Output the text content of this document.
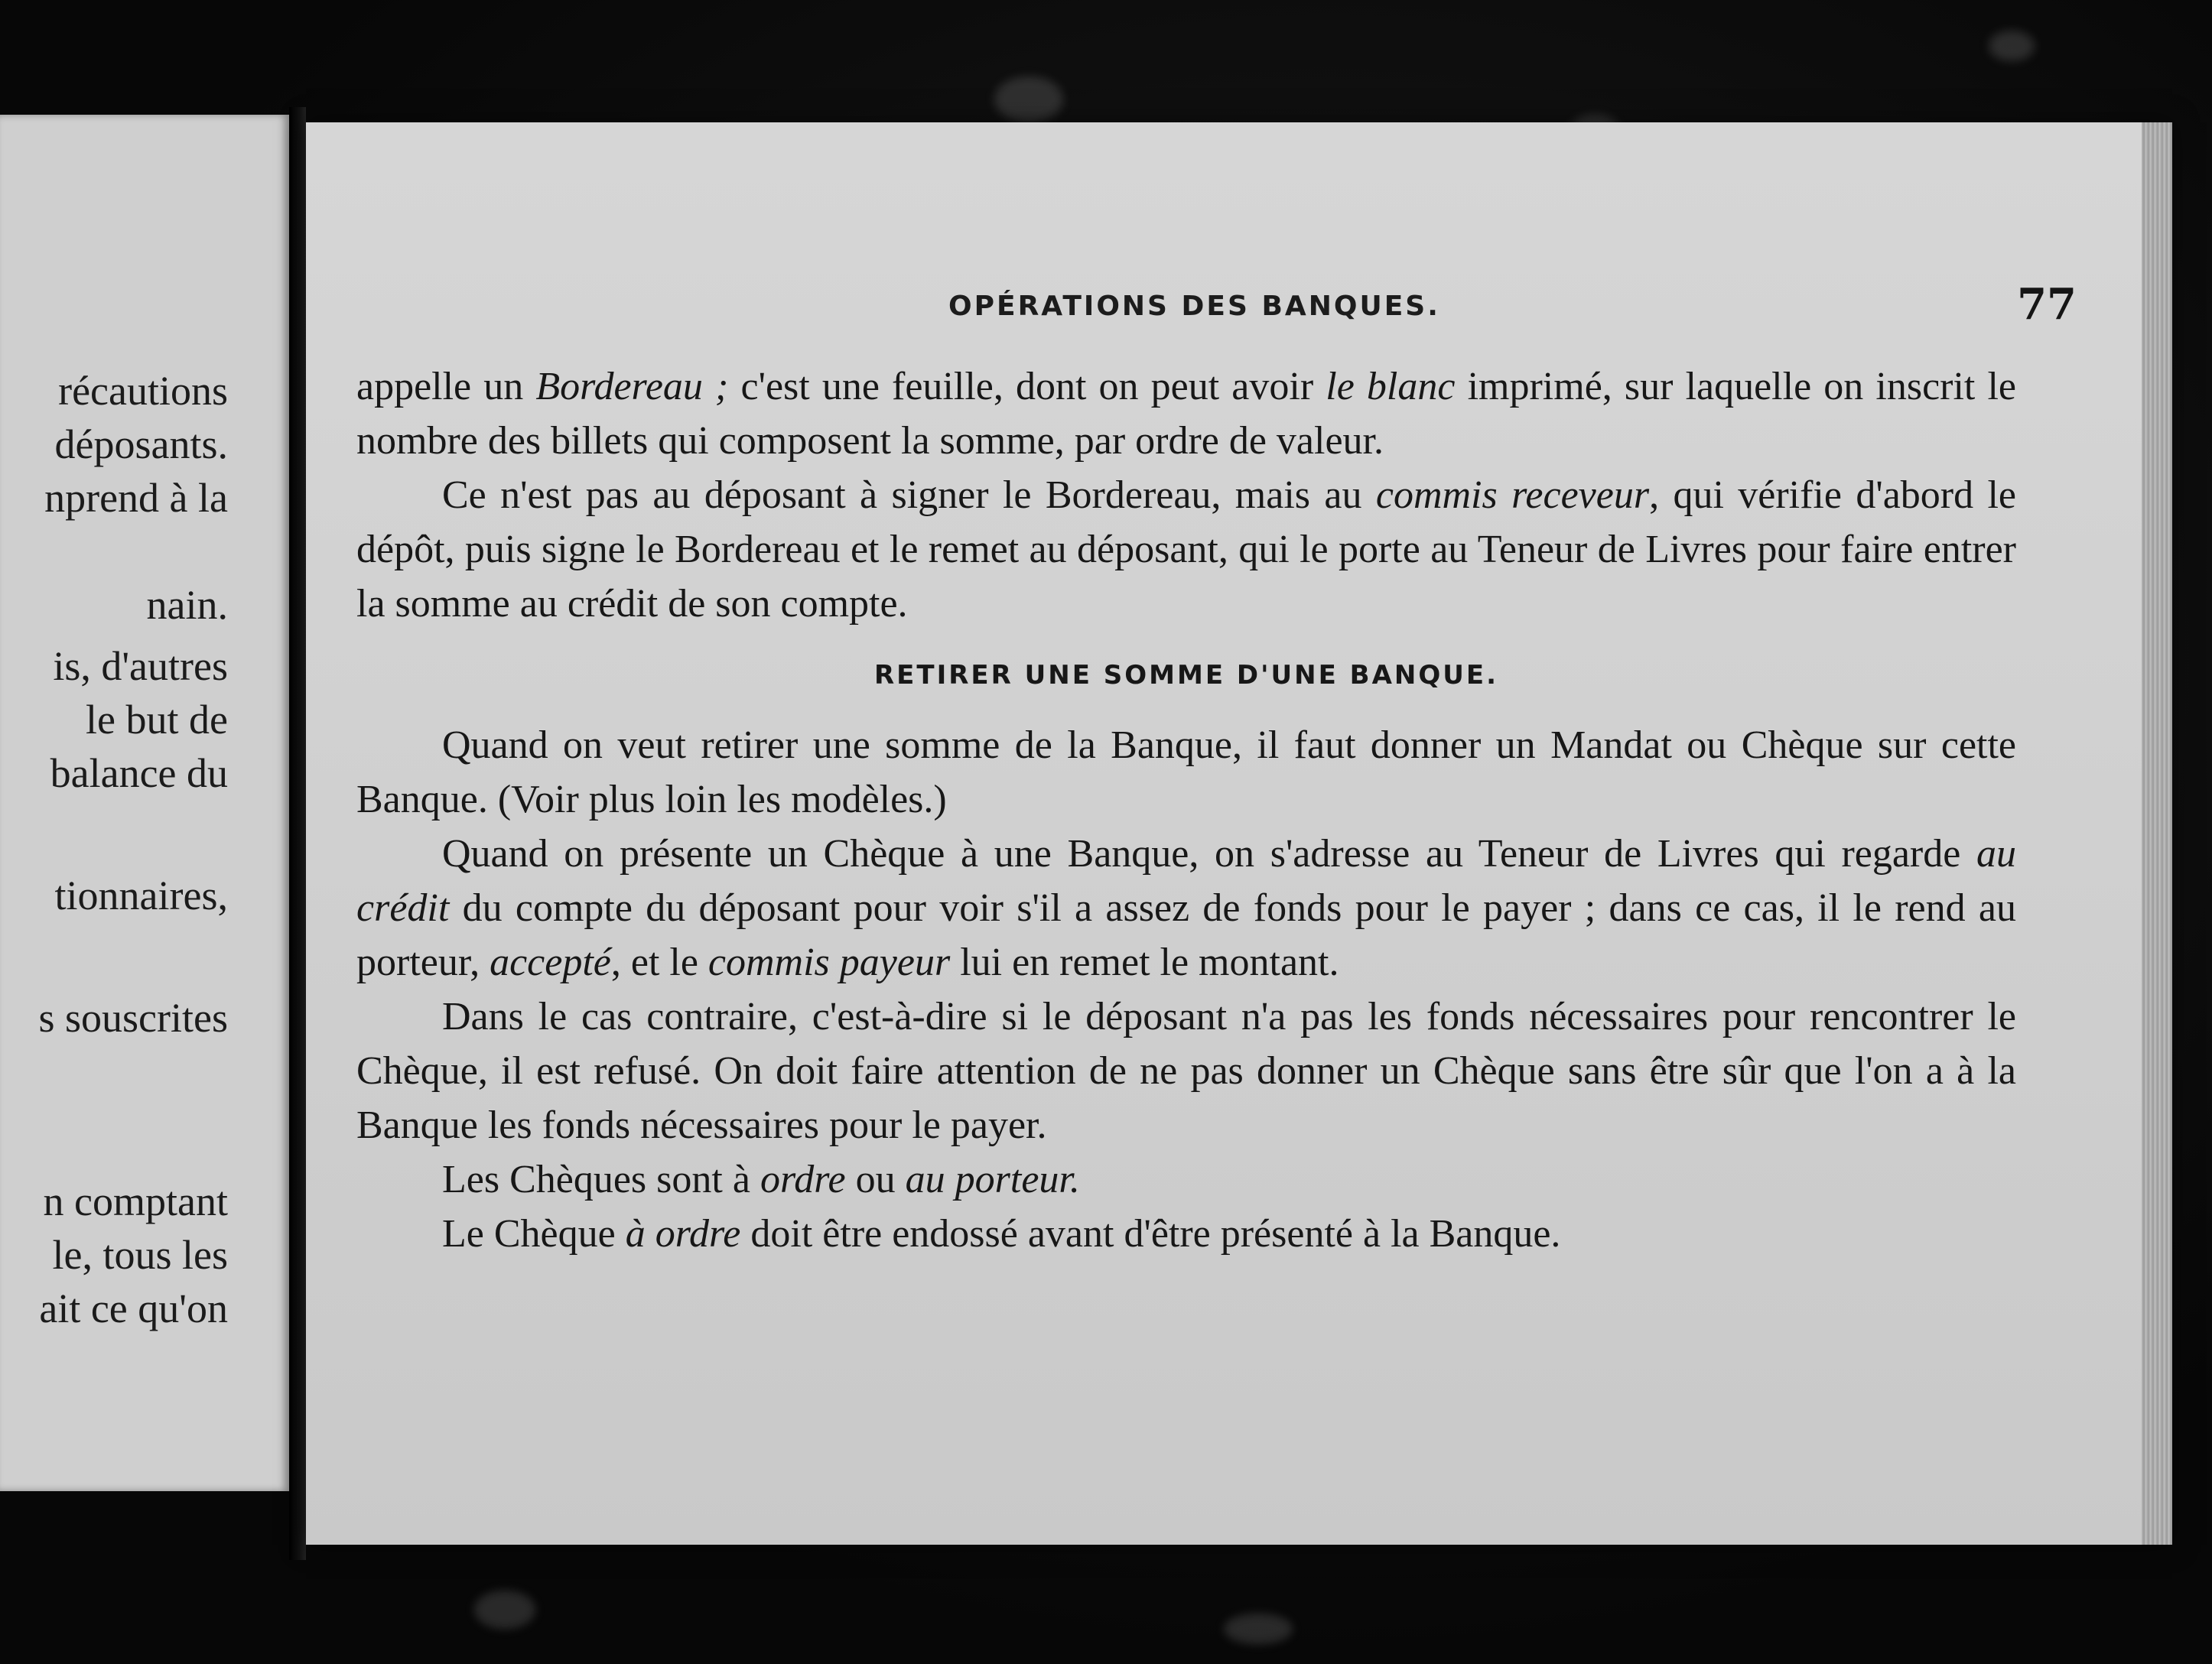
récautions
déposants.
nprend à la
nain.
is, d'autres
le but de
balance du
tionnaires,
s souscrites
n comptant
le, tous les
ait ce qu'on
OPÉRATIONS DES BANQUES.	77

appelle un Bordereau ; c'est une feuille, dont on peut avoir le blanc imprimé, sur laquelle on inscrit le nombre des billets qui composent la somme, par ordre de valeur.

Ce n'est pas au déposant à signer le Bordereau, mais au commis receveur, qui vérifie d'abord le dépôt, puis signe le Bordereau et le remet au déposant, qui le porte au Teneur de Livres pour faire entrer la somme au crédit de son compte.

RETIRER UNE SOMME D'UNE BANQUE.

Quand on veut retirer une somme de la Banque, il faut donner un Mandat ou Chèque sur cette Banque. (Voir plus loin les modèles.)

Quand on présente un Chèque à une Banque, on s'adresse au Teneur de Livres qui regarde au crédit du compte du déposant pour voir s'il a assez de fonds pour le payer ; dans ce cas, il le rend au porteur, accepté, et le commis payeur lui en remet le montant.

Dans le cas contraire, c'est-à-dire si le déposant n'a pas les fonds nécessaires pour rencontrer le Chèque, il est refusé. On doit faire attention de ne pas donner un Chèque sans être sûr que l'on a à la Banque les fonds nécessaires pour le payer.

Les Chèques sont à ordre ou au porteur.

Le Chèque à ordre doit être endossé avant d'être présenté à la Banque.
